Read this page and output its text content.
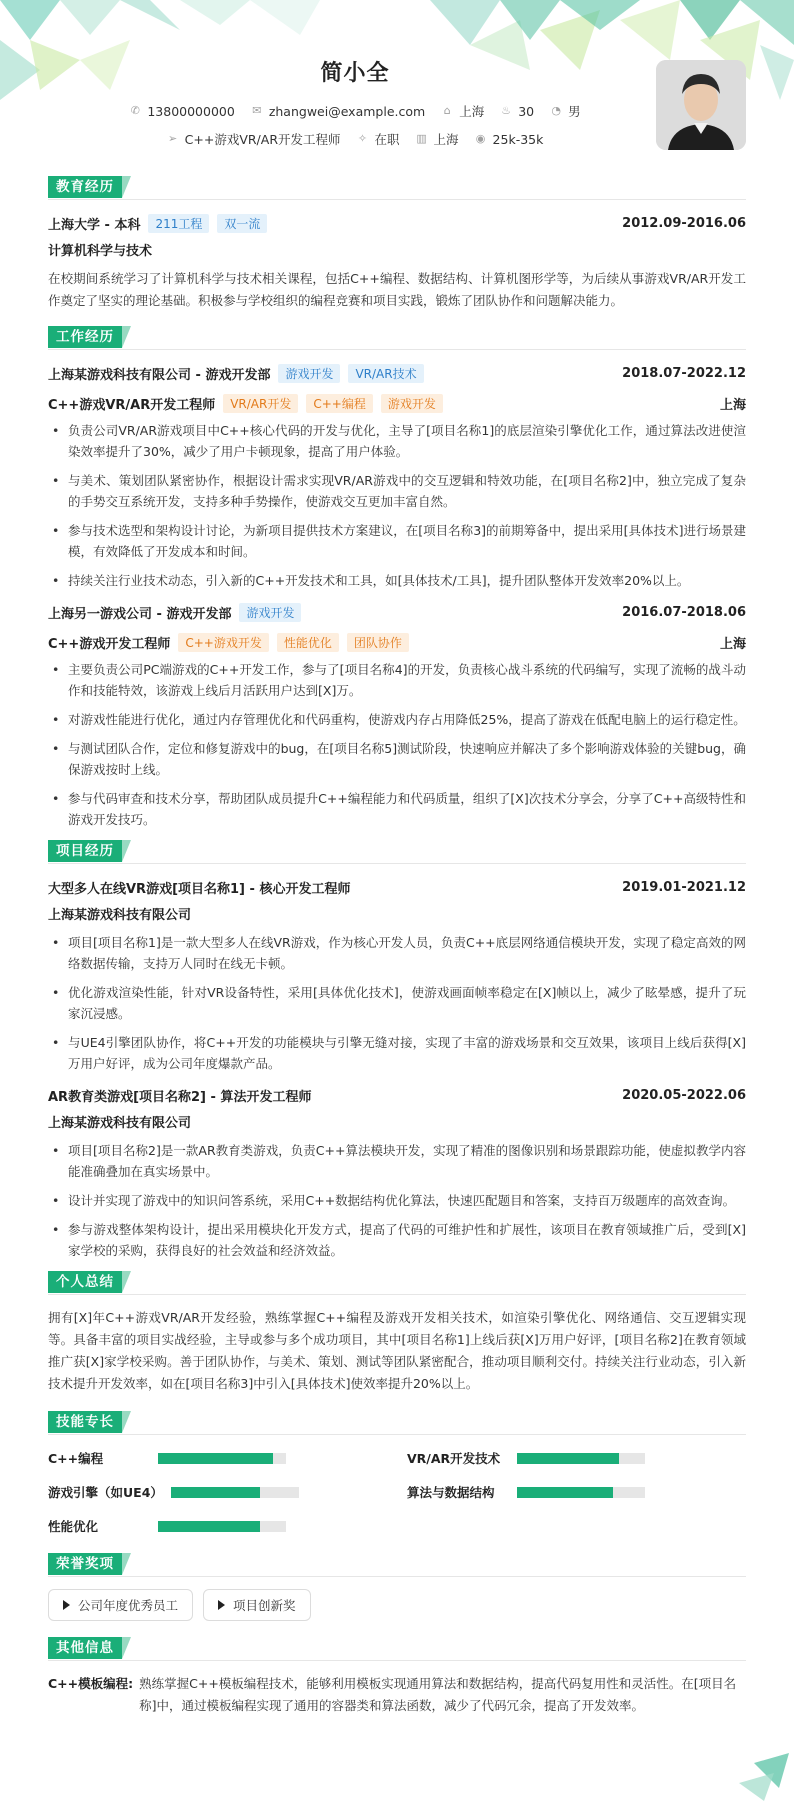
简小全
✆ 13800000000 ✉ zhangwei@example.com ⌂ 上海 ♨ 30 ◔ 男
➢ C++游戏VR/AR开发工程师 ✧ 在职 ▥ 上海 ◉ 25k-35k
教育经历
上海大学 - 本科	211工程	双一流	2012.09-2016.06
计算机科学与技术
在校期间系统学习了计算机科学与技术相关课程，包括C++编程、数据结构、计算机图形学等，为后续从事游戏VR/AR开发工作奠定了坚实的理论基础。积极参与学校组织的编程竞赛和项目实践，锻炼了团队协作和问题解决能力。
工作经历
上海某游戏科技有限公司 - 游戏开发部	游戏开发	VR/AR技术	2018.07-2022.12
C++游戏VR/AR开发工程师	VR/AR开发	C++编程	游戏开发	上海
• 负责公司VR/AR游戏项目中C++核心代码的开发与优化，主导了[项目名称1]的底层渲染引擎优化工作，通过算法改进使渲染效率提升了30%，减少了用户卡顿现象，提高了用户体验。
• 与美术、策划团队紧密协作，根据设计需求实现VR/AR游戏中的交互逻辑和特效功能，在[项目名称2]中，独立完成了复杂的手势交互系统开发，支持多种手势操作，使游戏交互更加丰富自然。
• 参与技术选型和架构设计讨论，为新项目提供技术方案建议，在[项目名称3]的前期筹备中，提出采用[具体技术]进行场景建模，有效降低了开发成本和时间。
• 持续关注行业技术动态，引入新的C++开发技术和工具，如[具体技术/工具]，提升团队整体开发效率20%以上。
上海另一游戏公司 - 游戏开发部	游戏开发	2016.07-2018.06
C++游戏开发工程师	C++游戏开发	性能优化	团队协作	上海
• 主要负责公司PC端游戏的C++开发工作，参与了[项目名称4]的开发，负责核心战斗系统的代码编写，实现了流畅的战斗动作和技能特效，该游戏上线后月活跃用户达到[X]万。
• 对游戏性能进行优化，通过内存管理优化和代码重构，使游戏内存占用降低25%，提高了游戏在低配电脑上的运行稳定性。
• 与测试团队合作，定位和修复游戏中的bug，在[项目名称5]测试阶段，快速响应并解决了多个影响游戏体验的关键bug，确保游戏按时上线。
• 参与代码审查和技术分享，帮助团队成员提升C++编程能力和代码质量，组织了[X]次技术分享会，分享了C++高级特性和游戏开发技巧。
项目经历
大型多人在线VR游戏[项目名称1] - 核心开发工程师	2019.01-2021.12
上海某游戏科技有限公司
• 项目[项目名称1]是一款大型多人在线VR游戏，作为核心开发人员，负责C++底层网络通信模块开发，实现了稳定高效的网络数据传输，支持万人同时在线无卡顿。
• 优化游戏渲染性能，针对VR设备特性，采用[具体优化技术]，使游戏画面帧率稳定在[X]帧以上，减少了眩晕感，提升了玩家沉浸感。
• 与UE4引擎团队协作，将C++开发的功能模块与引擎无缝对接，实现了丰富的游戏场景和交互效果，该项目上线后获得[X]万用户好评，成为公司年度爆款产品。
AR教育类游戏[项目名称2] - 算法开发工程师	2020.05-2022.06
上海某游戏科技有限公司
• 项目[项目名称2]是一款AR教育类游戏，负责C++算法模块开发，实现了精准的图像识别和场景跟踪功能，使虚拟教学内容能准确叠加在真实场景中。
• 设计并实现了游戏中的知识问答系统，采用C++数据结构优化算法，快速匹配题目和答案，支持百万级题库的高效查询。
• 参与游戏整体架构设计，提出采用模块化开发方式，提高了代码的可维护性和扩展性，该项目在教育领域推广后，受到[X]家学校的采购，获得良好的社会效益和经济效益。
个人总结
拥有[X]年C++游戏VR/AR开发经验，熟练掌握C++编程及游戏开发相关技术，如渲染引擎优化、网络通信、交互逻辑实现等。具备丰富的项目实战经验，主导或参与多个成功项目，其中[项目名称1]上线后获[X]万用户好评，[项目名称2]在教育领域推广获[X]家学校采购。善于团队协作，与美术、策划、测试等团队紧密配合，推动项目顺利交付。持续关注行业动态，引入新技术提升开发效率，如在[项目名称3]中引入[具体技术]使效率提升20%以上。
技能专长
C++编程	VR/AR开发技术
游戏引擎（如UE4）	算法与数据结构
性能优化
荣誉奖项
公司年度优秀员工	项目创新奖
其他信息
C++模板编程: 熟练掌握C++模板编程技术，能够利用模板实现通用算法和数据结构，提高代码复用性和灵活性。在[项目名称]中，通过模板编程实现了通用的容器类和算法函数，减少了代码冗余，提高了开发效率。
